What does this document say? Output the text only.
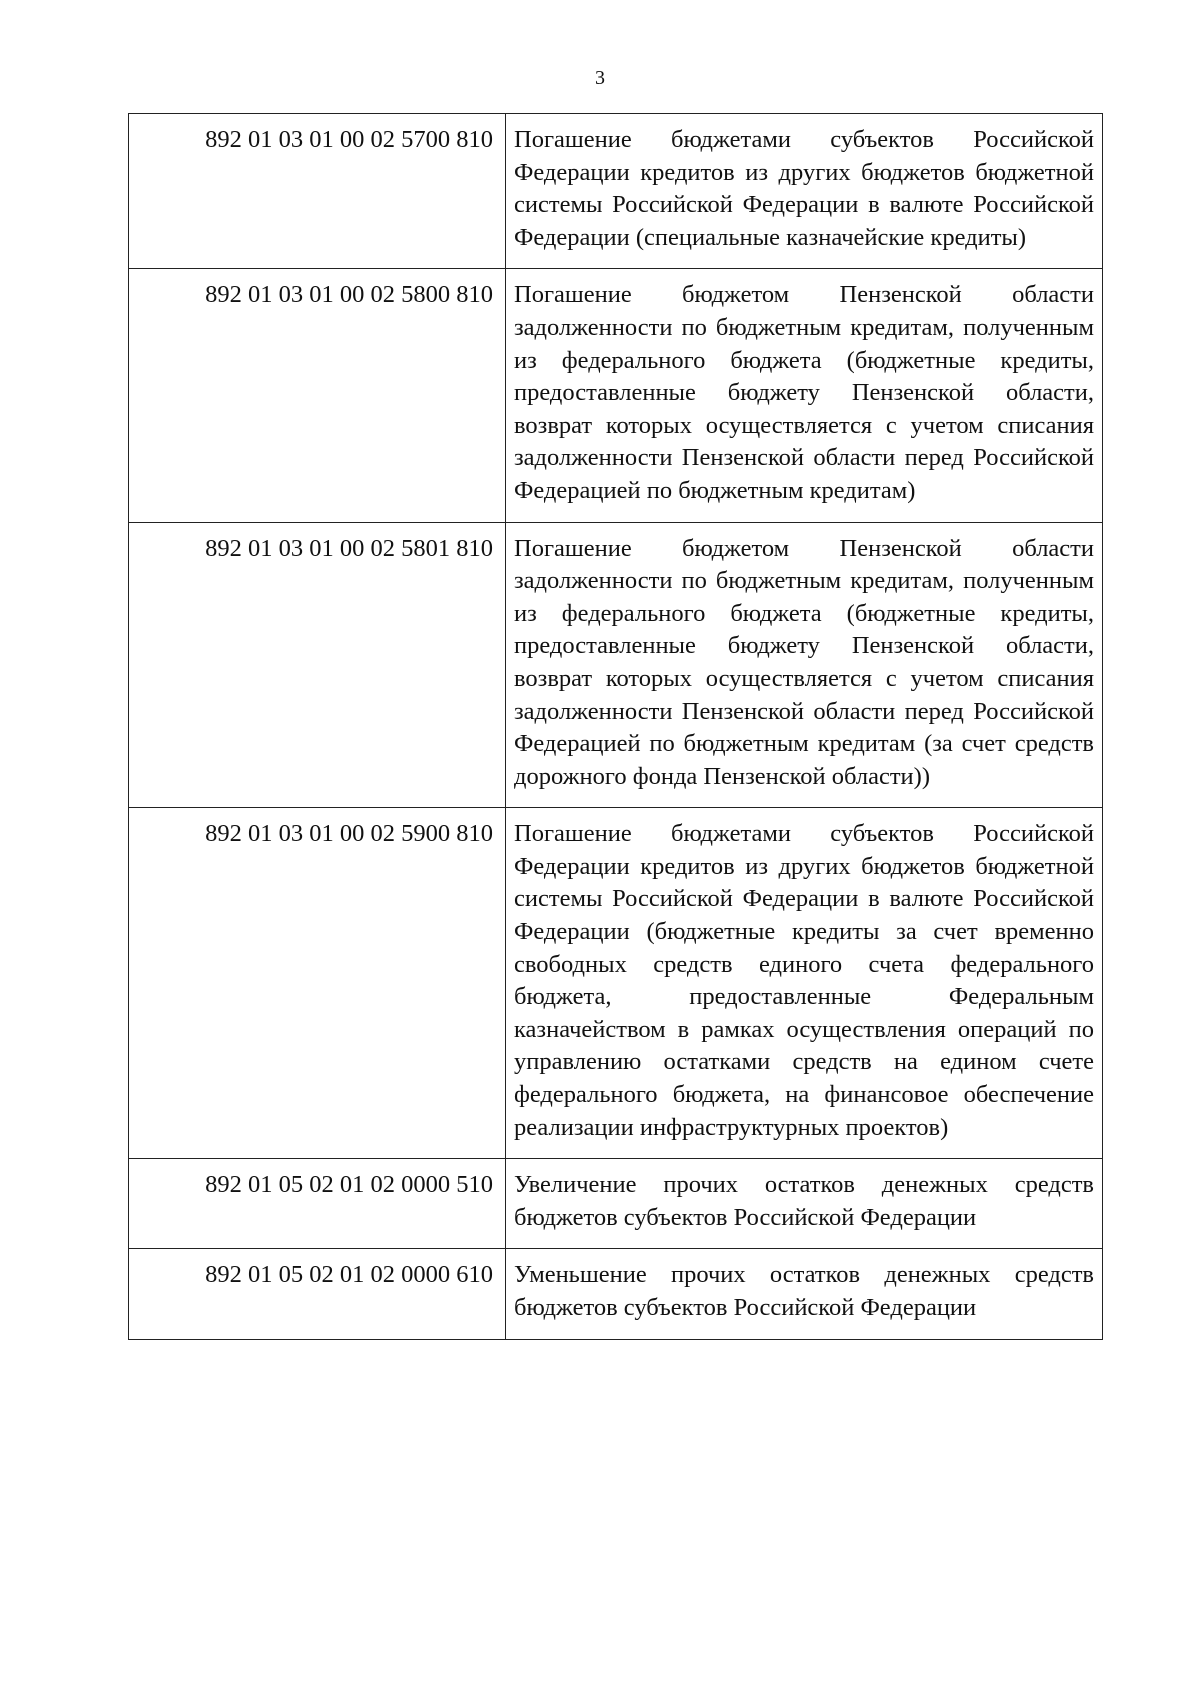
3
892 01 03 01 00 02 5700 810	Погашение бюджетами субъектов Российской Федерации кредитов из других бюджетов бюджетной системы Российской Федерации в валюте Российской Федерации (специальные казначейские кредиты)
892 01 03 01 00 02 5800 810	Погашение бюджетом Пензенской области задолженности по бюджетным кредитам, полученным из федерального бюджета (бюджетные кредиты, предоставленные бюджету Пензенской области, возврат которых осуществляется с учетом списания задолженности Пензенской области перед Российской Федерацией по бюджетным кредитам)
892 01 03 01 00 02 5801 810	Погашение бюджетом Пензенской области задолженности по бюджетным кредитам, полученным из федерального бюджета (бюджетные кредиты, предоставленные бюджету Пензенской области, возврат которых осуществляется с учетом списания задолженности Пензенской области перед Российской Федерацией по бюджетным кредитам (за счет средств дорожного фонда Пензенской области))
892 01 03 01 00 02 5900 810	Погашение бюджетами субъектов Российской Федерации кредитов из других бюджетов бюджетной системы Российской Федерации в валюте Российской Федерации (бюджетные кредиты за счет временно свободных средств единого счета федерального бюджета, предоставленные Федеральным казначейством в рамках осуществления операций по управлению остатками средств на едином счете федерального бюджета, на финансовое обеспечение реализации инфраструктурных проектов)
892 01 05 02 01 02 0000 510	Увеличение прочих остатков денежных средств бюджетов субъектов Российской Федерации
892 01 05 02 01 02 0000 610	Уменьшение прочих остатков денежных средств бюджетов субъектов Российской Федерации
